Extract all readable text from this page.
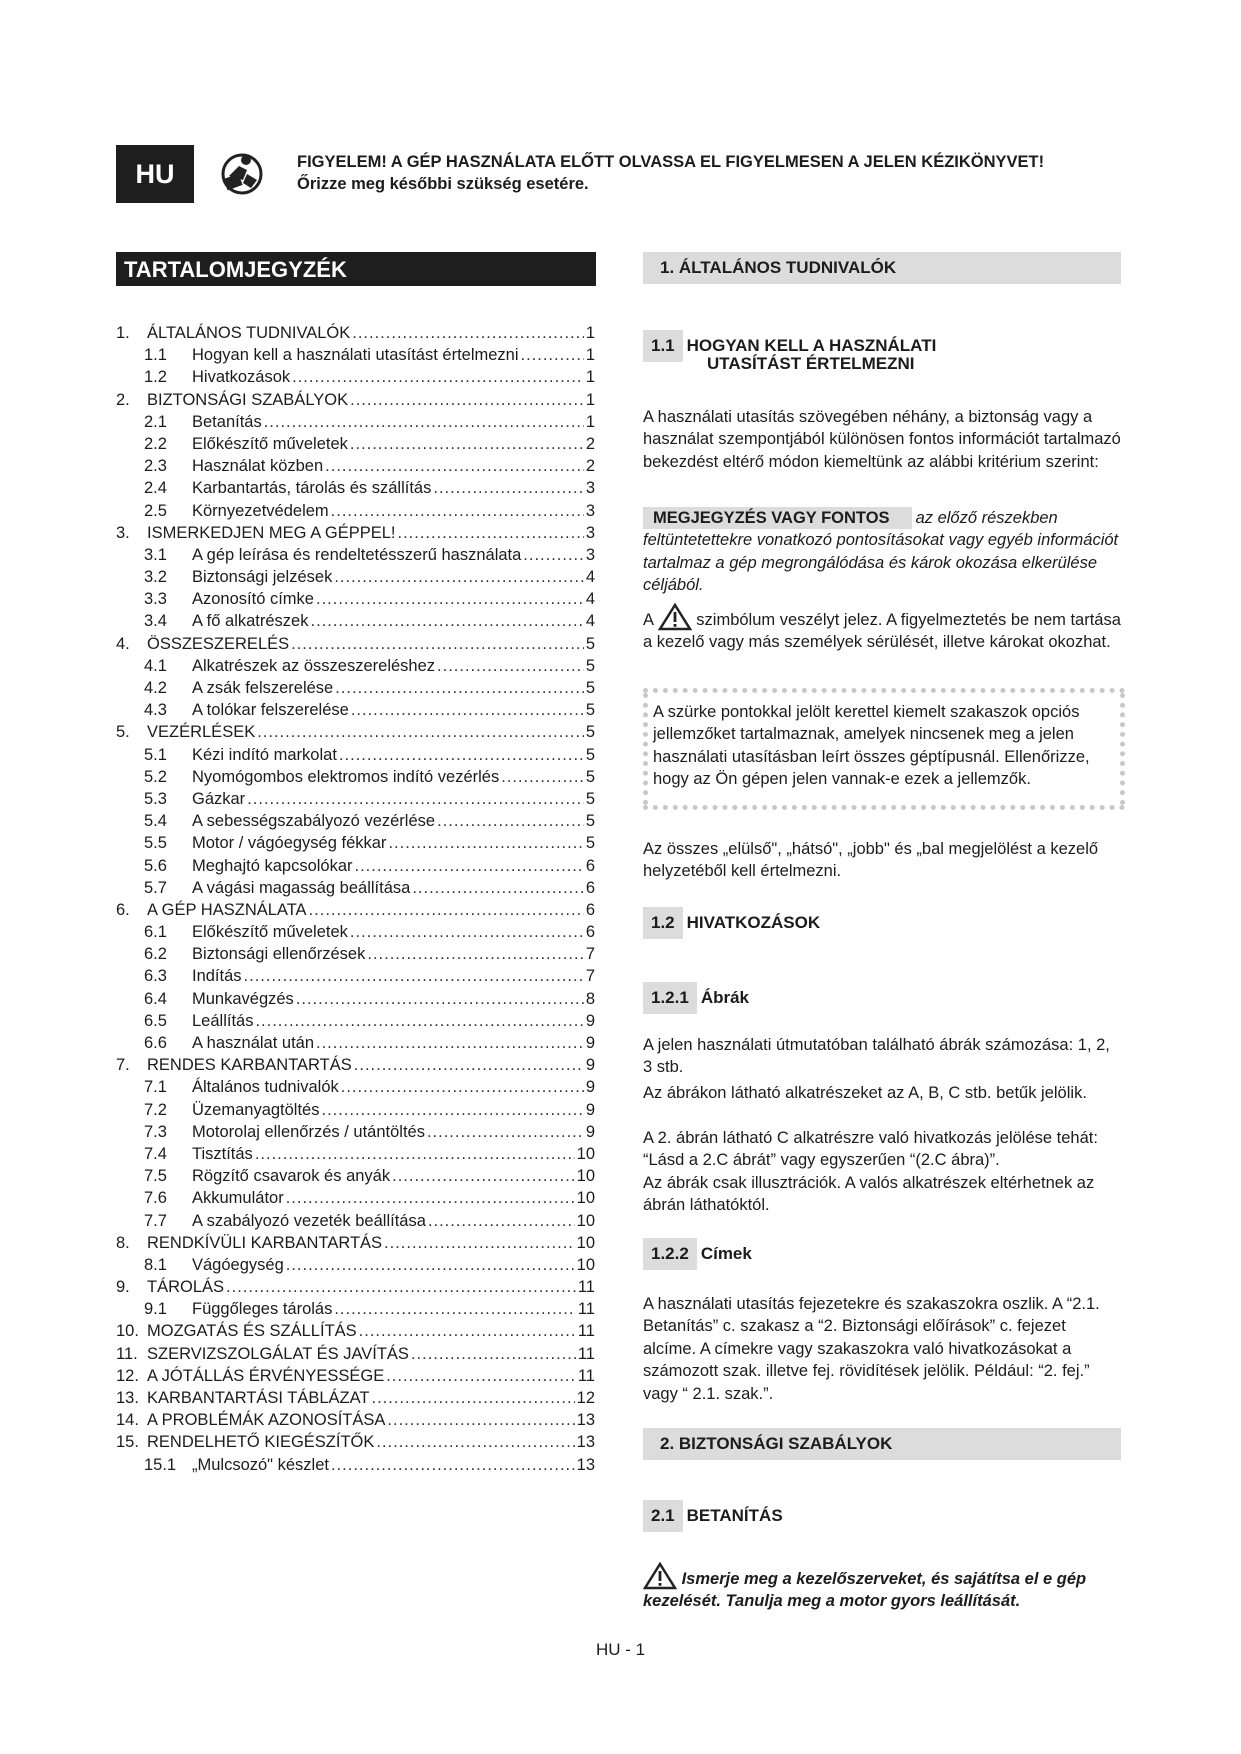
HU	FIGYELEM! A GÉP HASZNÁLATA ELŐTT OLVASSA EL FIGYELMESEN A JELEN KÉZIKÖNYVET!
Őrizze meg későbbi szükség esetére.
TARTALOMJEGYZÉK
1.	ÁLTALÁNOS TUDNIVALÓK .....	1
1.1	Hogyan kell a használati utasítást értelmezni .....	1
1.2	Hivatkozások .....	1
2.	BIZTONSÁGI SZABÁLYOK .....	1
2.1	Betanítás .....	1
2.2	Előkészítő műveletek .....	2
2.3	Használat közben .....	2
2.4	Karbantartás, tárolás és szállítás .....	3
2.5	Környezetvédelem .....	3
3.	ISMERKEDJEN MEG A GÉPPEL! .....	3
3.1	A gép leírása és rendeltetésszerű használata .....	3
3.2	Biztonsági jelzések .....	4
3.3	Azonosító címke .....	4
3.4	A fő alkatrészek .....	4
4.	ÖSSZESZERELÉS .....	5
4.1	Alkatrészek az összeszereléshez .....	5
4.2	A zsák felszerelése .....	5
4.3	A tolókar felszerelése .....	5
5.	VEZÉRLÉSEK .....	5
5.1	Kézi indító markolat .....	5
5.2	Nyomógombos elektromos indító vezérlés .....	5
5.3	Gázkar .....	5
5.4	A sebességszabályozó vezérlése .....	5
5.5	Motor / vágóegység fékkar .....	5
5.6	Meghajtó kapcsolókar .....	6
5.7	A vágási magasság beállítása .....	6
6.	A GÉP HASZNÁLATA .....	6
6.1	Előkészítő műveletek .....	6
6.2	Biztonsági ellenőrzések .....	7
6.3	Indítás .....	7
6.4	Munkavégzés .....	8
6.5	Leállítás .....	9
6.6	A használat után .....	9
7.	RENDES KARBANTARTÁS .....	9
7.1	Általános tudnivalók .....	9
7.2	Üzemanyagtöltés .....	9
7.3	Motorolaj ellenőrzés / utántöltés .....	9
7.4	Tisztítás .....	10
7.5	Rögzítő csavarok és anyák .....	10
7.6	Akkumulátor .....	10
7.7	A szabályozó vezeték beállítása .....	10
8.	RENDKÍVÜLI KARBANTARTÁS .....	10
8.1	Vágóegység .....	10
9.	TÁROLÁS .....	11
9.1	Függőleges tárolás .....	11
10. MOZGATÁS ÉS SZÁLLÍTÁS .....	11
11. SZERVIZSZOLGÁLAT ÉS JAVÍTÁS .....	11
12. A JÓTÁLLÁS ÉRVÉNYESSÉGE .....	11
13. KARBANTARTÁSI TÁBLÁZAT .....	12
14. A PROBLÉMÁK AZONOSÍTÁSA .....	13
15. RENDELHETŐ KIEGÉSZÍTŐK .....	13
15.1 „Mulcsozó" készlet .....	13
1. ÁLTALÁNOS TUDNIVALÓK
1.1 HOGYAN KELL A HASZNÁLATI
UTASÍTÁST ÉRTELMEZNI
A használati utasítás szövegében néhány, a biztonság vagy a használat szempontjából különösen fontos információt tartalmazó bekezdést eltérő módon kiemeltünk az alábbi kritérium szerint:
MEGJEGYZÉS VAGY FONTOS az előző részekben feltüntetettekre vonatkozó pontosításokat vagy egyéb információt tartalmaz a gép megrongálódása és károk okozása elkerülése céljából.
A	szimbólum veszélyt jelez. A figyelmeztetés be nem tartása a kezelő vagy más személyek sérülését, illetve károkat okozhat.
A szürke pontokkal jelölt kerettel kiemelt szakaszok opciós jellemzőket tartalmaznak, amelyek nincsenek meg a jelen használati utasításban leírt összes géptípusnál. Ellenőrizze, hogy az Ön gépen jelen vannak-e ezek a jellemzők.
Az összes „elülső", „hátsó", „jobb" és „bal megjelölést a kezelő helyzetéből kell értelmezni.
1.2 HIVATKOZÁSOK
1.2.1 Ábrák
A jelen használati útmutatóban található ábrák számozása: 1, 2, 3 stb.
Az ábrákon látható alkatrészeket az A, B, C stb. betűk jelölik.
A 2. ábrán látható C alkatrészre való hivatkozás jelölése tehát: “Lásd a 2.C ábrát” vagy egyszerűen “(2.C ábra)”.
Az ábrák csak illusztrációk. A valós alkatrészek eltérhetnek az ábrán láthatóktól.
1.2.2 Címek
A használati utasítás fejezetekre és szakaszokra oszlik. A “2.1. Betanítás” c. szakasz a “2. Biztonsági előírások” c. fejezet alcíme. A címekre vagy szakaszokra való hivatkozásokat a számozott szak. illetve fej. rövidítések jelölik. Például: “2. fej.” vagy “ 2.1. szak.”.
2. BIZTONSÁGI SZABÁLYOK
2.1 BETANÍTÁS
Ismerje meg a kezelőszerveket, és sajátítsa el e gép kezelését. Tanulja meg a motor gyors leállítását.
HU - 1
